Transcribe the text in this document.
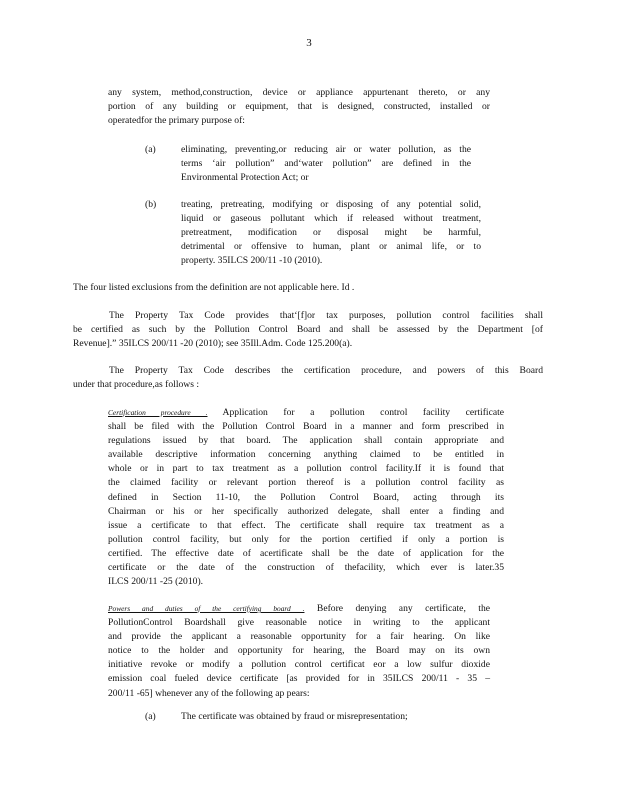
3
any system, method,construction, device or appliance appurtenant thereto, or any
portion of any building or equipment, that is designed, constructed, installed or
operatedfor the primary purpose of:
(a)	eliminating, preventing,or reducing air or water pollution, as the
terms ‘air pollution” and‘water pollution” are defined in the
Environmental Protection Act; or
(b)	treating, pretreating, modifying or disposing of any potential solid,
liquid or gaseous pollutant which if released without treatment,
pretreatment, modification or disposal might be harmful,
detrimental or offensive to human, plant or animal life, or to
property. 35ILCS 200/11 -10 (2010).
The four listed exclusions from the definition are not applicable here. Id .
The Property Tax Code provides that‘[f]or tax purposes, pollution control facilities shall
be certified as such by the Pollution Control Board and shall be assessed by the Department [of
Revenue].” 35ILCS 200/11 -20 (2010); see 35Ill.Adm. Code 125.200(a).
The Property Tax Code describes the certification procedure, and powers of this Board
under that procedure,as follows :
Certification procedure . Application for a pollution control facility certificate
shall be filed with the Pollution Control Board in a manner and form prescribed in
regulations issued by that board. The application shall contain appropriate and
available descriptive information concerning anything claimed to be entitled in
whole or in part to tax treatment as a pollution control facility.If it is found that
the claimed facility or relevant portion thereof is a pollution control facility as
defined in Section 11-10, the Pollution Control Board, acting through its
Chairman or his or her specifically authorized delegate, shall enter a finding and
issue a certificate to that effect. The certificate shall require tax treatment as a
pollution control facility, but only for the portion certified if only a portion is
certified. The effective date of acertificate shall be the date of application for the
certificate or the date of the construction of thefacility, which ever is later.35
ILCS 200/11 -25 (2010).
Powers and duties of the certifying board . Before denying any certificate, the
PollutionControl Boardshall give reasonable notice in writing to the applicant
and provide the applicant a reasonable opportunity for a fair hearing. On like
notice to the holder and opportunity for hearing, the Board may on its own
initiative revoke or modify a pollution control certificat eor a low sulfur dioxide
emission coal fueled device certificate [as provided for in 35ILCS 200/11 - 35 –
200/11 -65] whenever any of the following ap pears:
(a)	The certificate was obtained by fraud or misrepresentation;
